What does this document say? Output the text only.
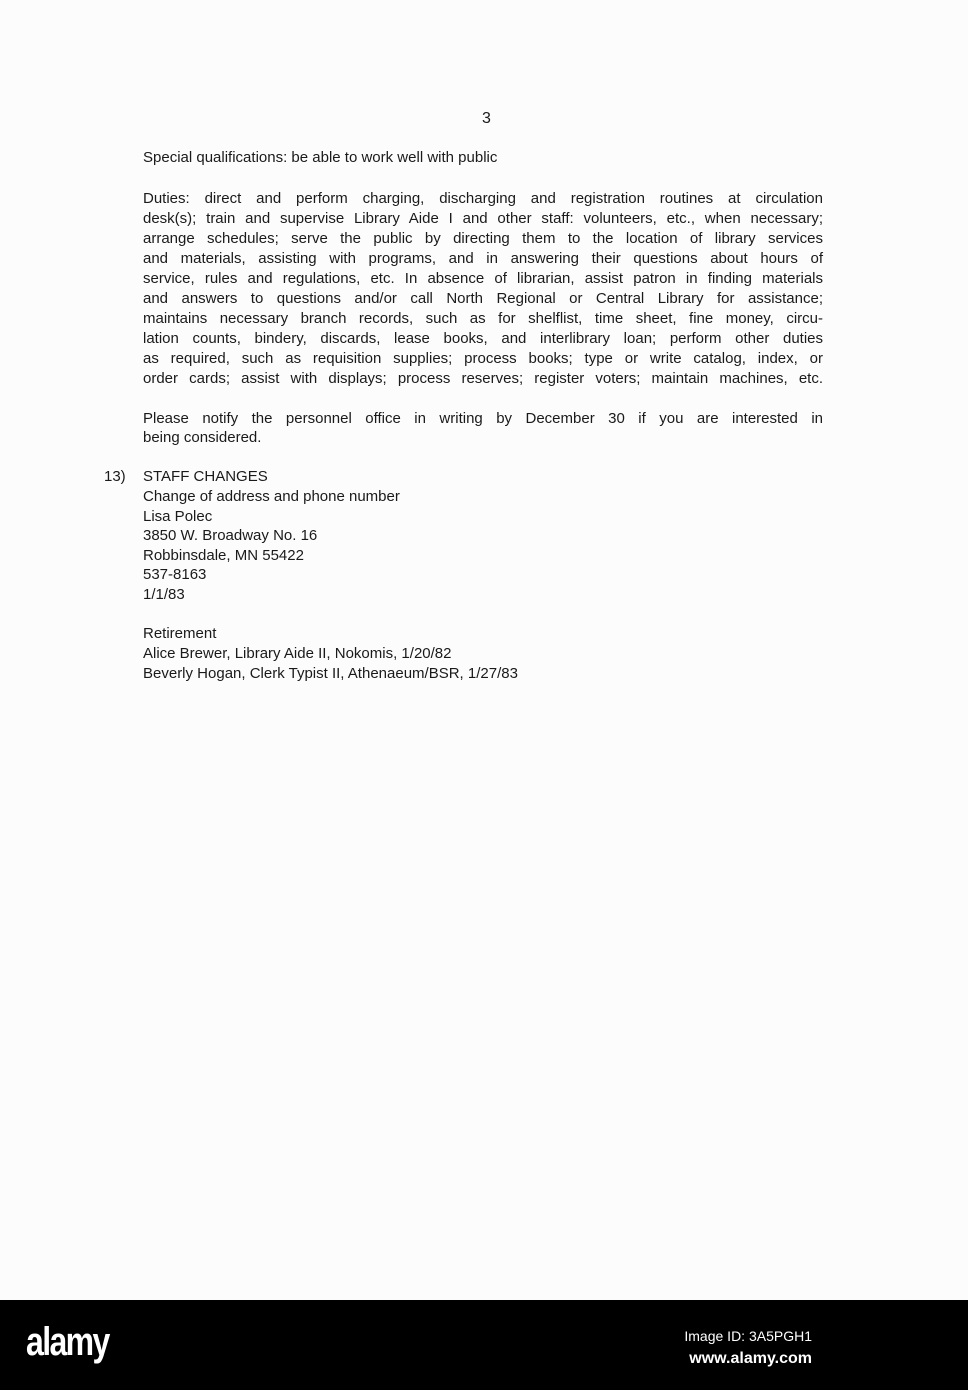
3
Special qualifications: be able to work well with public
Duties: direct and perform charging, discharging and registration routines at circulation
desk(s); train and supervise Library Aide I and other staff: volunteers, etc., when necessary;
arrange schedules; serve the public by directing them to the location of library services
and materials, assisting with programs, and in answering their questions about hours of
service, rules and regulations, etc. In absence of librarian, assist patron in finding materials
and answers to questions and/or call North Regional or Central Library for assistance;
maintains necessary branch records, such as for shelflist, time sheet, fine money, circu-
lation counts, bindery, discards, lease books, and interlibrary loan; perform other duties
as required, such as requisition supplies; process books; type or write catalog, index, or
order cards; assist with displays; process reserves; register voters; maintain machines, etc.
Please notify the personnel office in writing by December 30 if you are interested in
being considered.
13) STAFF CHANGES
Change of address and phone number
Lisa Polec
3850 W. Broadway No. 16
Robbinsdale, MN 55422
537-8163
1/1/83
Retirement
Alice Brewer, Library Aide II, Nokomis, 1/20/82
Beverly Hogan, Clerk Typist II, Athenaeum/BSR, 1/27/83
alamy	Image ID: 3A5PGH1
www.alamy.com
